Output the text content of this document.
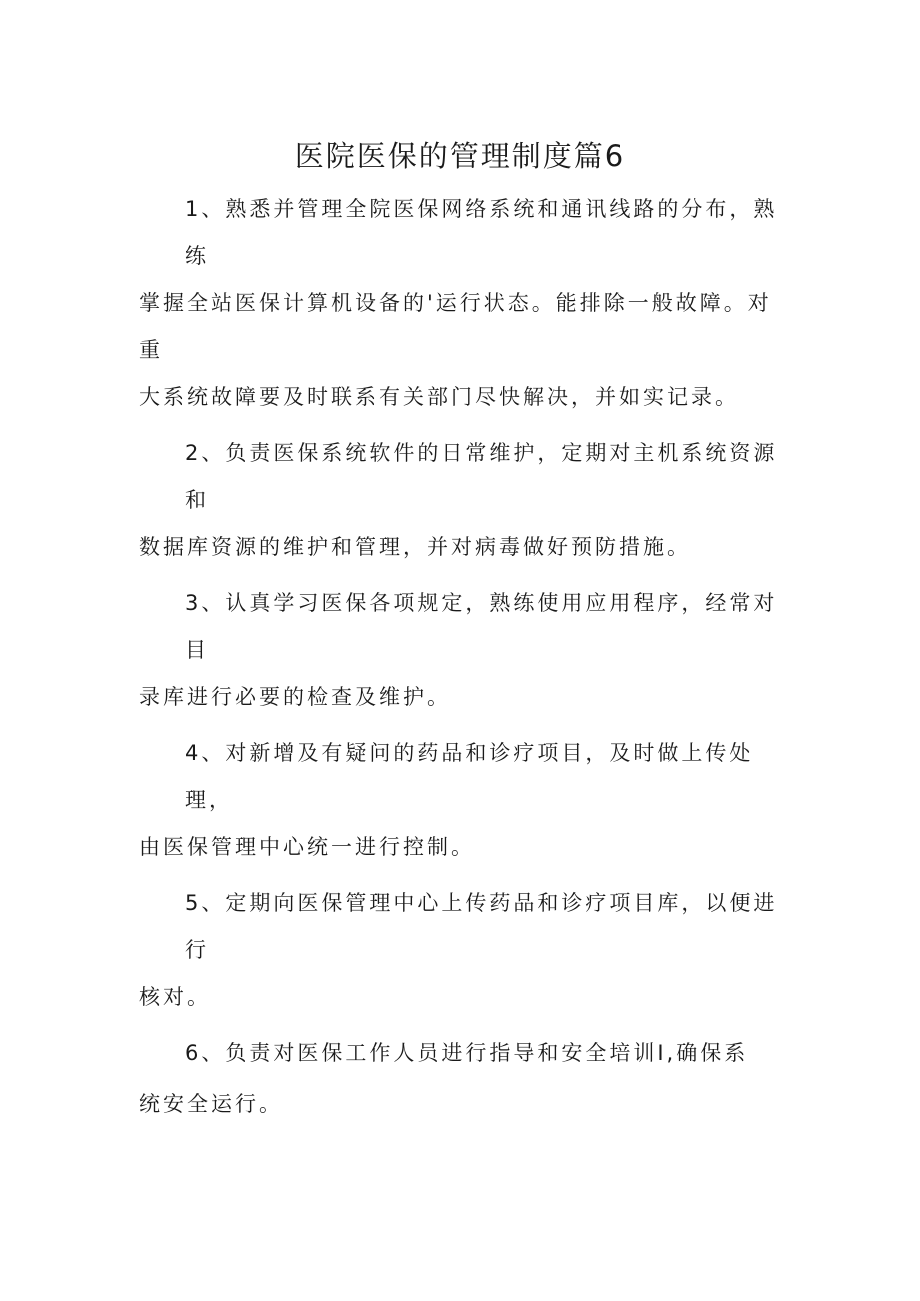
医院医保的管理制度篇6
1、熟悉并管理全院医保网络系统和通讯线路的分布，熟练
掌握全站医保计算机设备的'运行状态。能排除一般故障。对重
大系统故障要及时联系有关部门尽快解决，并如实记录。
2、负责医保系统软件的日常维护，定期对主机系统资源和
数据库资源的维护和管理，并对病毒做好预防措施。
3、认真学习医保各项规定，熟练使用应用程序，经常对目
录库进行必要的检查及维护。
4、对新增及有疑问的药品和诊疗项目，及时做上传处理，
由医保管理中心统一进行控制。
5、定期向医保管理中心上传药品和诊疗项目库，以便进行
核对。
6、负责对医保工作人员进行指导和安全培训I,确保系
统安全运行。
